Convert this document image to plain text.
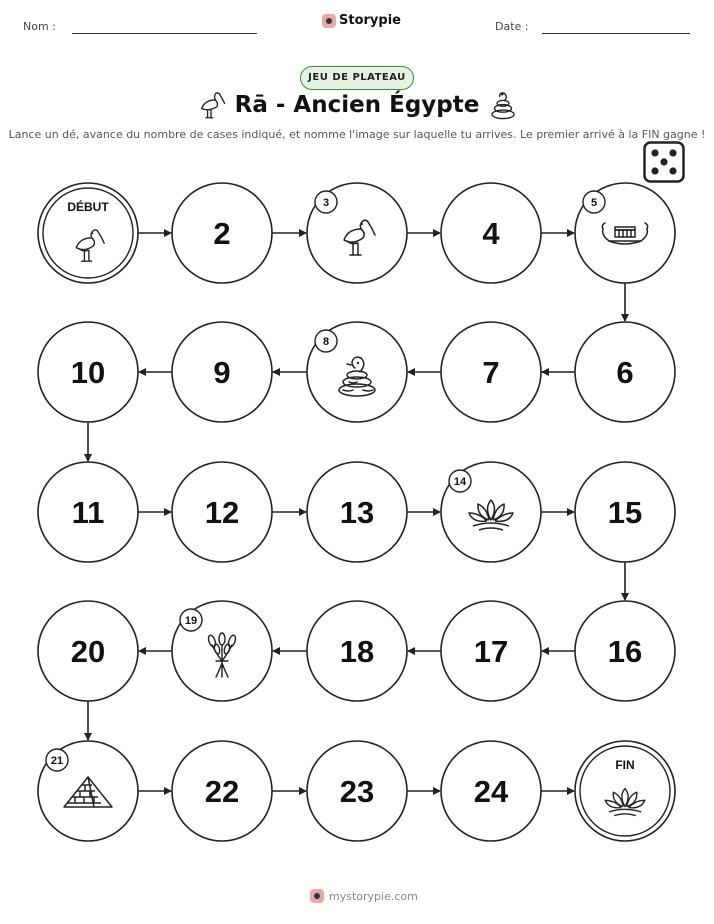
Nom :	Storypie	Date :
JEU DE PLATEAU
Rā - Ancien Égypte
Lance un dé, avance du nombre de cases indiqué, et nomme l'image sur laquelle tu arrives. Le premier arrivé à la FIN gagne !
DÉBUT
2
3
4
5
6
7
8
9
10
11	12	13
14
15
16
17
18
19
20
21
22	23	24
FIN
mystorypie.com
